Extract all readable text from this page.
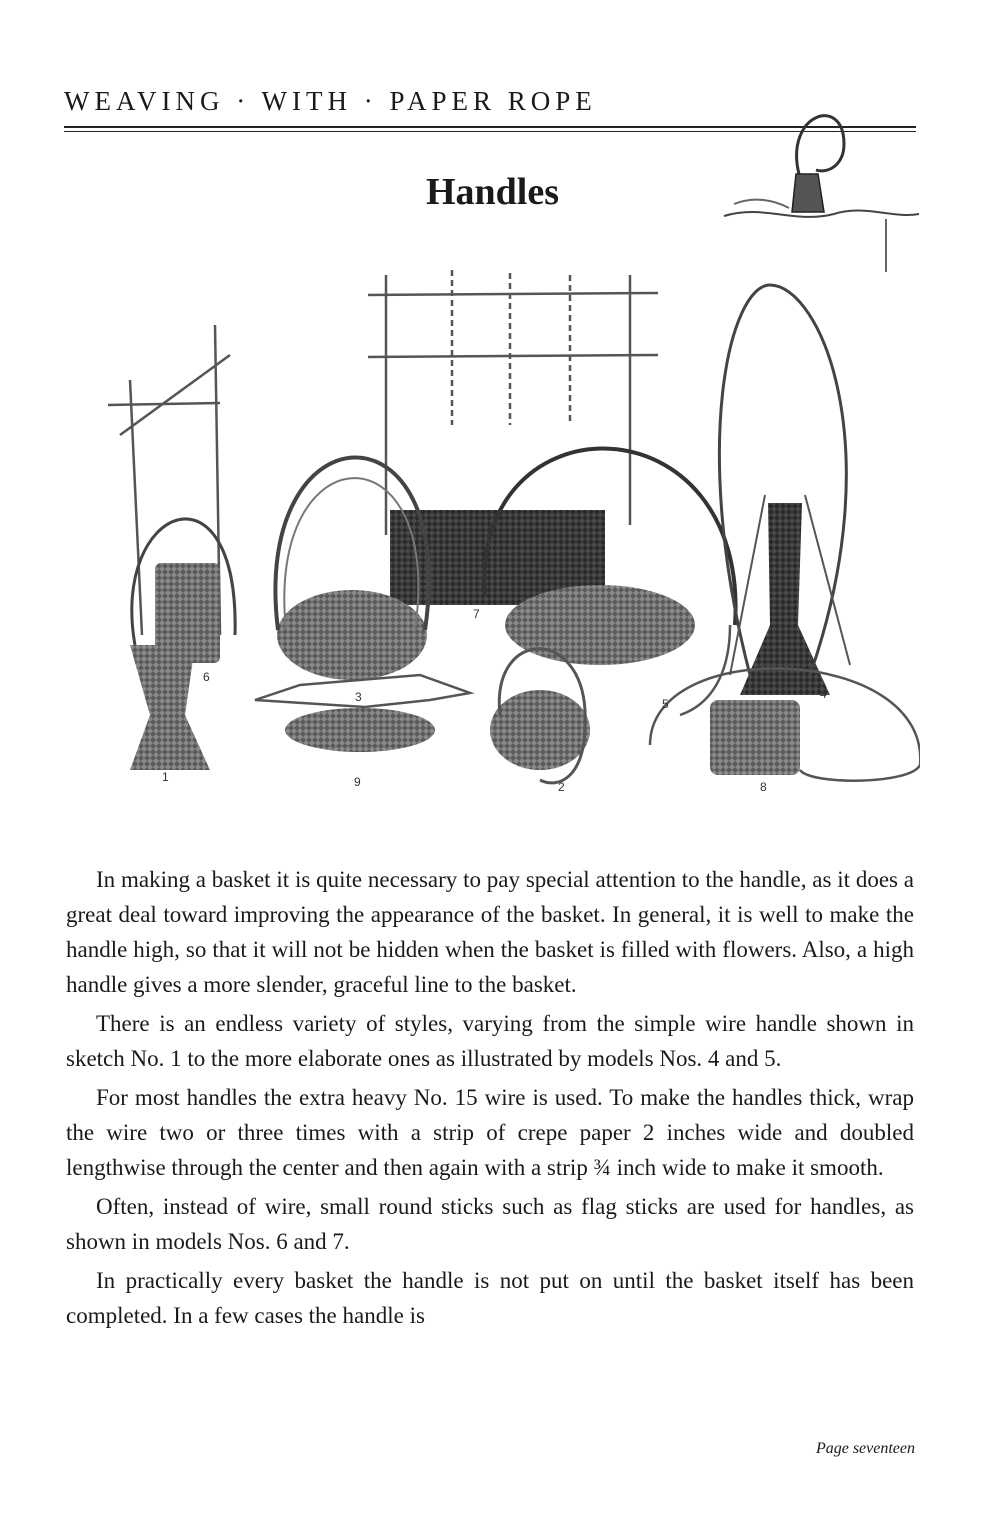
WEAVING · WITH · PAPER ROPE
Handles
1
2
3	4
5
6
7
8
9

In making a basket it is quite necessary to pay special attention to the handle, as it does a great deal toward improving the appearance of the basket. In general, it is well to make the handle high, so that it will not be hidden when the basket is filled with flowers. Also, a high handle gives a more slender, graceful line to the basket.

There is an endless variety of styles, varying from the simple wire handle shown in sketch No. 1 to the more elaborate ones as illustrated by models Nos. 4 and 5.

For most handles the extra heavy No. 15 wire is used. To make the handles thick, wrap the wire two or three times with a strip of crepe paper 2 inches wide and doubled lengthwise through the center and then again with a strip ¾ inch wide to make it smooth.

Often, instead of wire, small round sticks such as flag sticks are used for handles, as shown in models Nos. 6 and 7.

In practically every basket the handle is not put on until the basket itself has been completed. In a few cases the handle is

Page seventeen
